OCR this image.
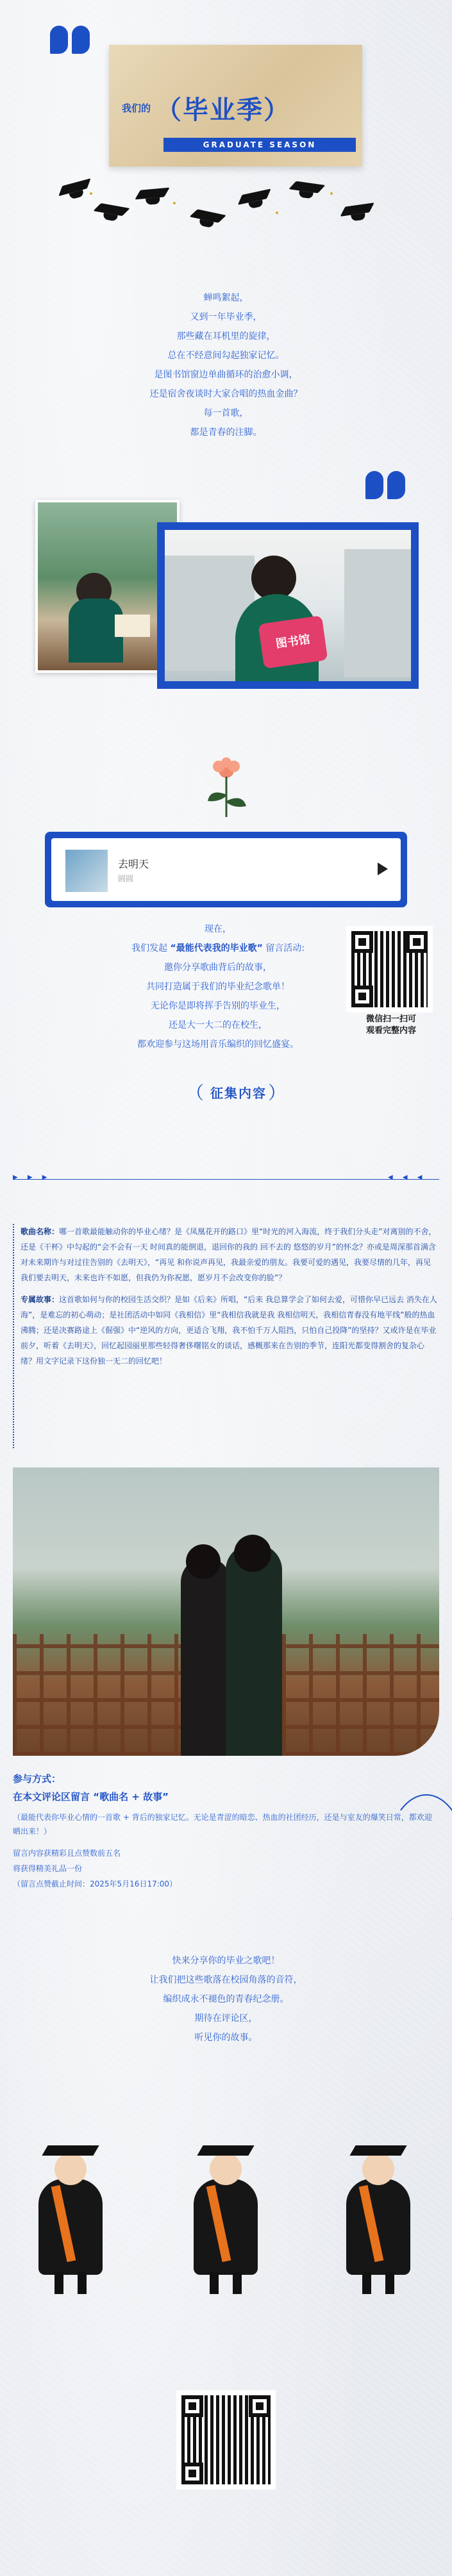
我们的 （ 毕业季 ）
GRADUATE SEASON

蝉鸣絮起，

又到一年毕业季，

那些藏在耳机里的旋律，

总在不经意间勾起独家记忆。

是图书馆窗边单曲循环的治愈小调，

还是宿舍夜谈时大家合唱的热血金曲？

每一首歌，

都是青春的注脚。

图书馆
去明天
圆圆

现在，

我们发起 “最能代表我的毕业歌” 留言活动:

邀你分享歌曲背后的故事，

共同打造属于我们的毕业纪念歌单！

无论你是即将挥手告别的毕业生，

还是大一大二的在校生，

都欢迎参与这场用音乐编织的回忆盛宴。

微信扫一扫可
观看完整内容
（ 征集内容 ）
▶ ▶ ▶	◀ ◀ ◀

歌曲名称：哪一首歌最能触动你的毕业心绪？是《凤凰花开的路口》里“时光的河入海流，终于我们分头走”对离别的不舍，还是《干杯》中勾起的“会不会有一天 时间真的能倒退，退回你的我的 回不去的 悠悠的岁月”的怀念？亦或是周深那首满含对未来期许与对过往告别的《去明天》，“再见 和你说声再见，我最亲爱的朋友。我要可爱的遇见，我要尽情的几年，再见 我们要去明天，未来也许不如愿，但我仍为你祝愿，愿岁月不会改变你的脸”？

专属故事：这首歌如何与你的校园生活交织？是如《后来》所唱，“后来 我总算学会了如何去爱，可惜你早已远去 消失在人海”，是难忘的初心萌动；是社团活动中如同《我相信》里“我相信我就是我 我相信明天，我相信青春没有地平线”般的热血沸腾；还是决赛路途上《倔强》中“逆风的方向，更适合飞翔，我不怕千万人阻挡，只怕自己投降”的坚持？又或许是在毕业前夕，听着《去明天》，回忆起园丽里那些轻得奢侈曙铭女的谈话，感概那来在告别的季节，连阳光都变得割舍的复杂心绪？用文字记录下这份独一无二的回忆吧！

参与方式：
在本文评论区留言 “歌曲名 + 故事”
（最能代表你毕业心情的一首歌 + 背后的独家记忆。无论是青涩的暗恋、热血的社团经历，还是与室友的爆笑日常，都欢迎晒出来！）
留言内容获精彩且点赞数前五名
将获得精美礼品一份
（留言点赞截止时间：2025年5月16日17:00）

快来分享你的毕业之歌吧！

让我们把这些歌落在校园角落的音符，

编织成永不褪色的青春纪念册。

期待在评论区，

听见你的故事。
